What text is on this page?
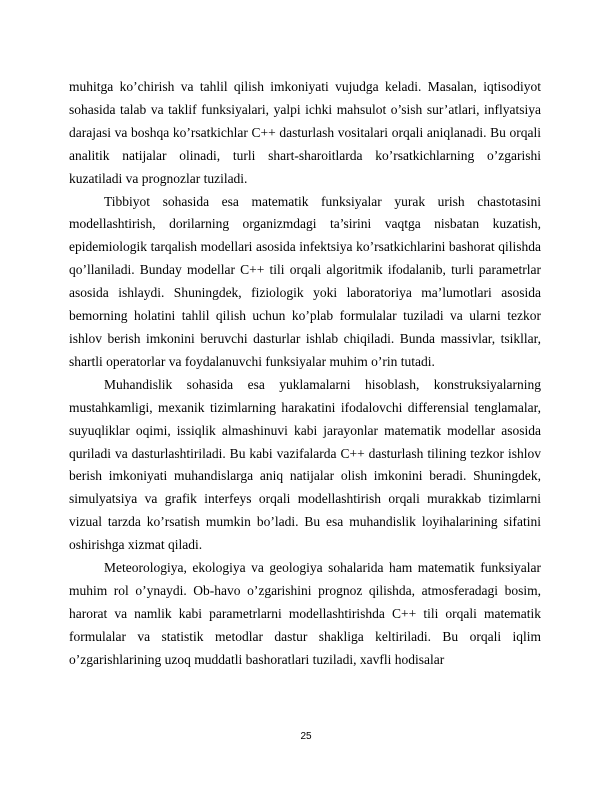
muhitga ko’chirish va tahlil qilish imkoniyati vujudga keladi. Masalan, iqtisodiyot sohasida talab va taklif funksiyalari, yalpi ichki mahsulot o’sish sur’atlari, inflyatsiya darajasi va boshqa ko’rsatkichlar C++ dasturlash vositalari orqali aniqlanadi. Bu orqali analitik natijalar olinadi, turli shart-sharoitlarda ko’rsatkichlarning o’zgarishi kuzatiladi va prognozlar tuziladi.

Tibbiyot sohasida esa matematik funksiyalar yurak urish chastotasini modellashtirish, dorilarning organizmdagi ta’sirini vaqtga nisbatan kuzatish, epidemiologik tarqalish modellari asosida infektsiya ko’rsatkichlarini bashorat qilishda qo’llaniladi. Bunday modellar C++ tili orqali algoritmik ifodalanib, turli parametrlar asosida ishlaydi. Shuningdek, fiziologik yoki laboratoriya ma’lumotlari asosida bemorning holatini tahlil qilish uchun ko’plab formulalar tuziladi va ularni tezkor ishlov berish imkonini beruvchi dasturlar ishlab chiqiladi. Bunda massivlar, tsikllar, shartli operatorlar va foydalanuvchi funksiyalar muhim o’rin tutadi.

Muhandislik sohasida esa yuklamalarni hisoblash, konstruksiyalarning mustahkamligi, mexanik tizimlarning harakatini ifodalovchi differensial tenglamalar, suyuqliklar oqimi, issiqlik almashinuvi kabi jarayonlar matematik modellar asosida quriladi va dasturlashtiriladi. Bu kabi vazifalarda C++ dasturlash tilining tezkor ishlov berish imkoniyati muhandislarga aniq natijalar olish imkonini beradi. Shuningdek, simulyatsiya va grafik interfeys orqali modellashtirish orqali murakkab tizimlarni vizual tarzda ko’rsatish mumkin bo’ladi. Bu esa muhandislik loyihalarining sifatini oshirishga xizmat qiladi.

Meteorologiya, ekologiya va geologiya sohalarida ham matematik funksiyalar muhim rol o’ynaydi. Ob-havo o’zgarishini prognoz qilishda, atmosferadagi bosim, harorat va namlik kabi parametrlarni modellashtirishda C++ tili orqali matematik formulalar va statistik metodlar dastur shakliga keltiriladi. Bu orqali iqlim o’zgarishlarining uzoq muddatli bashoratlari tuziladi, xavfli hodisalar

25
